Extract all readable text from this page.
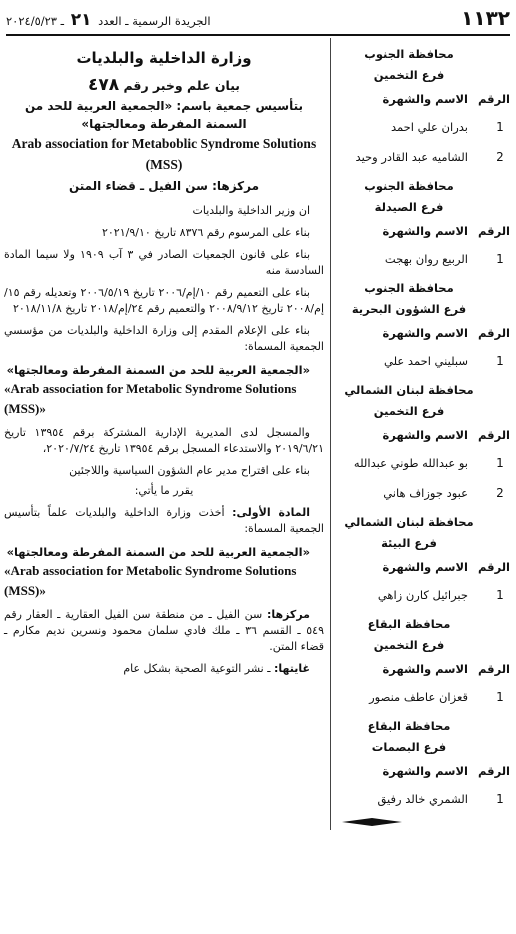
١١٣٢
الجريدة الرسمية ـ العدد ٢١ ـ ٢٠٢٤/٥/٢٣
محافظة الجنوب
فرع التخمين
الرقم
الاسم والشهرة
1
بدران علي احمد
2
الشاميه عبد القادر وحيد
محافظة الجنوب
فرع الصيدلة
الرقم
الاسم والشهرة
1
الربيع روان بهجت
محافظة الجنوب
فرع الشؤون البحرية
الرقم
الاسم والشهرة
1
سبليني احمد علي
محافظة لبنان الشمالي
فرع التخمين
الرقم
الاسم والشهرة
1
بو عبدالله طوني عبدالله
2
عبود جوزاف هاني
محافظة لبنان الشمالي
فرع البيئة
الرقم
الاسم والشهرة
1
جبرائيل كارن زاهي
محافظة البقاع
فرع التخمين
الرقم
الاسم والشهرة
1
قعزان عاطف منصور
محافظة البقاع
فرع البصمات
الرقم
الاسم والشهرة
1
الشمري خالد رفيق
وزارة الداخلية والبلديات
بيان علم وخبر رقم ٤٧٨
بتأسيس جمعية باسم: «الجمعية العربية للحد من السمنة المفرطة ومعالجتها»
Arab association for Metaboblic Syndrome Solutions (MSS)
مركزها: سن الفيل ـ قضاء المتن
ان وزير الداخلية والبلديات
بناء على المرسوم رقم ٨٣٧٦ تاريخ ٢٠٢١/٩/١٠
بناء على قانون الجمعيات الصادر في ٣ آب ١٩٠٩ ولا سيما المادة السادسة منه
بناء على التعميم رقم ١٠/إم/٢٠٠٦ تاريخ ٢٠٠٦/٥/١٩ وتعديله رقم ١٥/إم/٢٠٠٨ تاريخ ٢٠٠٨/٩/١٢ والتعميم رقم ٢٤/إم/٢٠١٨ تاريخ ٢٠١٨/١١/٨
بناء على الإعلام المقدم إلى وزارة الداخلية والبلديات من مؤسسي الجمعية المسماة:
«الجمعية العربية للحد من السمنة المفرطة ومعالجتها»
«Arab association for Metabolic Syndrome Solutions (MSS)»
والمسجل لدى المديرية الإدارية المشتركة برقم ١٣٩٥٤ تاريخ ٢٠١٩/٦/٢١ والاستدعاء المسجل برقم ١٣٩٥٤ تاريخ ٢٠٢٠/٧/٢٤،
بناء على اقتراح مدير عام الشؤون السياسية واللاجئين
يقرر ما يأتي:
المادة الأولى: أخذت وزارة الداخلية والبلديات علماً بتأسيس الجمعية المسماة:
«الجمعية العربية للحد من السمنة المفرطة ومعالجتها»
«Arab association for Metabolic Syndrome Solutions (MSS)»
مركزها: سن الفيل ـ من منطقة سن الفيل العقارية ـ العقار رقم ٥٤٩ ـ القسم ٣٦ ـ ملك فادي سلمان محمود ونسرين نديم مكارم ـ قضاء المتن.
غايتها: ـ نشر التوعية الصحية بشكل عام
